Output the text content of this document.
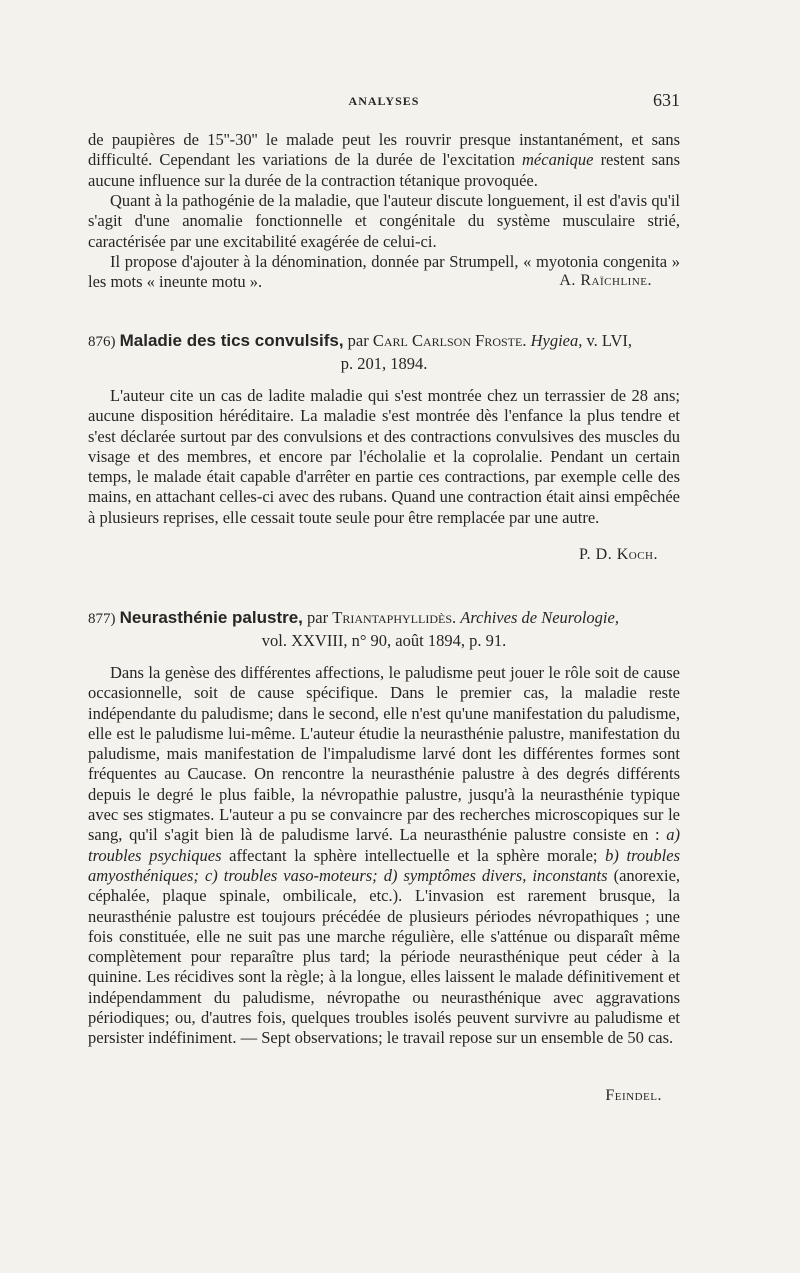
ANALYSES	631
de paupières de 15''-30'' le malade peut les rouvrir presque instantanément, et sans difficulté. Cependant les variations de la durée de l'excitation mécanique restent sans aucune influence sur la durée de la contraction tétanique provoquée.
Quant à la pathogénie de la maladie, que l'auteur discute longuement, il est d'avis qu'il s'agit d'une anomalie fonctionnelle et congénitale du système musculaire strié, caractérisée par une excitabilité exagérée de celui-ci.
Il propose d'ajouter à la dénomination, donnée par Strumpell, « myotonia congenita » les mots « ineunte motu ».	A. Raïchline.
876) Maladie des tics convulsifs, par Carl Carlson Froste. Hygiea, v. LVI,
p. 201, 1894.
L'auteur cite un cas de ladite maladie qui s'est montrée chez un terrassier de 28 ans; aucune disposition héréditaire. La maladie s'est montrée dès l'enfance la plus tendre et s'est déclarée surtout par des convulsions et des contractions convulsives des muscles du visage et des membres, et encore par l'écholalie et la coprolalie. Pendant un certain temps, le malade était capable d'arrêter en partie ces contractions, par exemple celle des mains, en attachant celles-ci avec des rubans. Quand une contraction était ainsi empêchée à plusieurs reprises, elle cessait toute seule pour être remplacée par une autre.
P. D. Koch.
877) Neurasthénie palustre, par Triantaphyllidès. Archives de Neurologie,
vol. XXVIII, n° 90, août 1894, p. 91.
Dans la genèse des différentes affections, le paludisme peut jouer le rôle soit de cause occasionnelle, soit de cause spécifique. Dans le premier cas, la maladie reste indépendante du paludisme; dans le second, elle n'est qu'une manifestation du paludisme, elle est le paludisme lui-même. L'auteur étudie la neurasthénie palustre, manifestation du paludisme, mais manifestation de l'impaludisme larvé dont les différentes formes sont fréquentes au Caucase. On rencontre la neurasthénie palustre à des degrés différents depuis le degré le plus faible, la névropathie palustre, jusqu'à la neurasthénie typique avec ses stigmates. L'auteur a pu se convaincre par des recherches microscopiques sur le sang, qu'il s'agit bien là de paludisme larvé. La neurasthénie palustre consiste en : a) troubles psychiques affectant la sphère intellectuelle et la sphère morale; b) troubles amyosthéniques; c) troubles vaso-moteurs; d) symptômes divers, inconstants (anorexie, céphalée, plaque spinale, ombilicale, etc.). L'invasion est rarement brusque, la neurasthénie palustre est toujours précédée de plusieurs périodes névropathiques ; une fois constituée, elle ne suit pas une marche régulière, elle s'atténue ou disparaît même complètement pour reparaître plus tard; la période neurasthénique peut céder à la quinine. Les récidives sont la règle; à la longue, elles laissent le malade définitivement et indépendamment du paludisme, névropathe ou neurasthénique avec aggravations périodiques; ou, d'autres fois, quelques troubles isolés peuvent survivre au paludisme et persister indéfiniment. — Sept observations; le travail repose sur un ensemble de 50 cas.
Feindel.
